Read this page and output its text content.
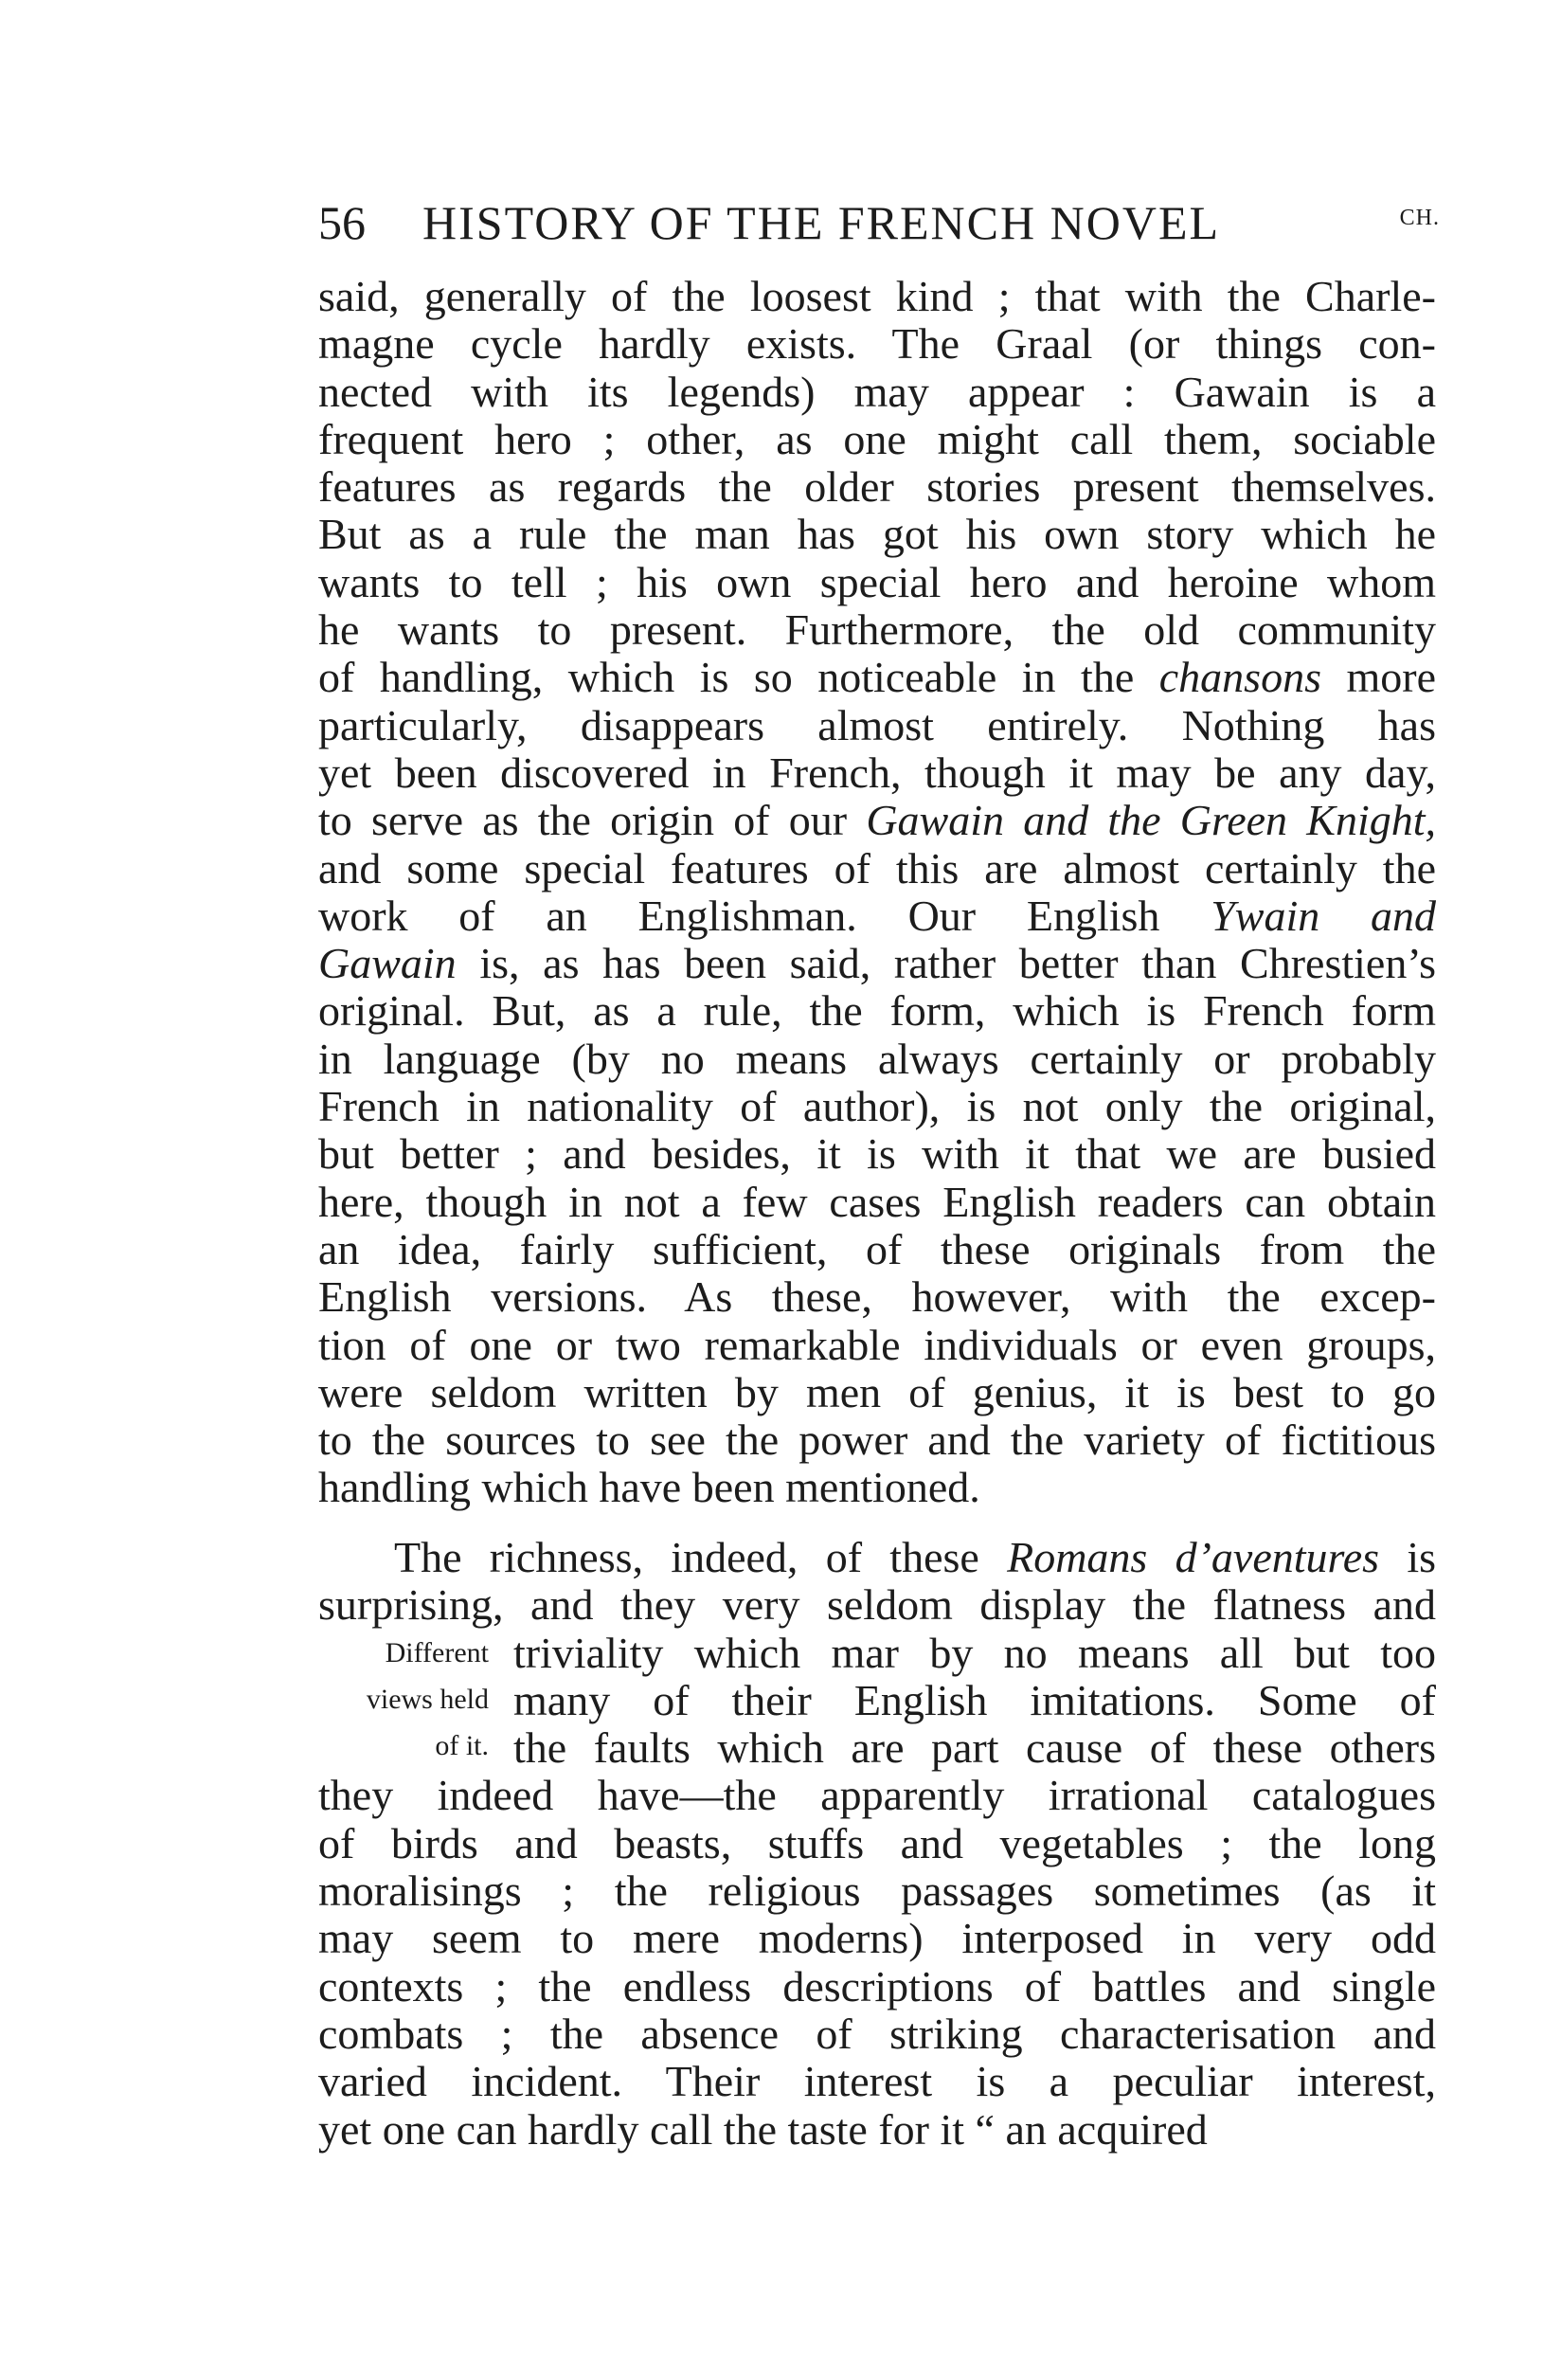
56 HISTORY OF THE FRENCH NOVEL	CH.
said, generally of the loosest kind ; that with the Charle-
magne cycle hardly exists. The Graal (or things con-
nected with its legends) may appear : Gawain is a
frequent hero ; other, as one might call them, sociable
features as regards the older stories present themselves.
But as a rule the man has got his own story which he
wants to tell ; his own special hero and heroine whom
he wants to present. Furthermore, the old community
of handling, which is so noticeable in the chansons more
particularly, disappears almost entirely. Nothing has
yet been discovered in French, though it may be any day,
to serve as the origin of our Gawain and the Green Knight,
and some special features of this are almost certainly the
work of an Englishman. Our English Ywain and
Gawain is, as has been said, rather better than Chrestien’s
original. But, as a rule, the form, which is French form
in language (by no means always certainly or probably
French in nationality of author), is not only the original,
but better ; and besides, it is with it that we are busied
here, though in not a few cases English readers can obtain
an idea, fairly sufficient, of these originals from the
English versions. As these, however, with the excep-
tion of one or two remarkable individuals or even groups,
were seldom written by men of genius, it is best to go
to the sources to see the power and the variety of fictitious
handling which have been mentioned.
The richness, indeed, of these Romans d’aventures is
surprising, and they very seldom display the flatness and
triviality which mar by no means all but too
many of their English imitations. Some of
the faults which are part cause of these others
they indeed have—the apparently irrational catalogues
of birds and beasts, stuffs and vegetables ; the long
moralisings ; the religious passages sometimes (as it
may seem to mere moderns) interposed in very odd
contexts ; the endless descriptions of battles and single
combats ; the absence of striking characterisation and
varied incident. Their interest is a peculiar interest,
yet one can hardly call the taste for it “ an acquired
Different
views held
of it.
